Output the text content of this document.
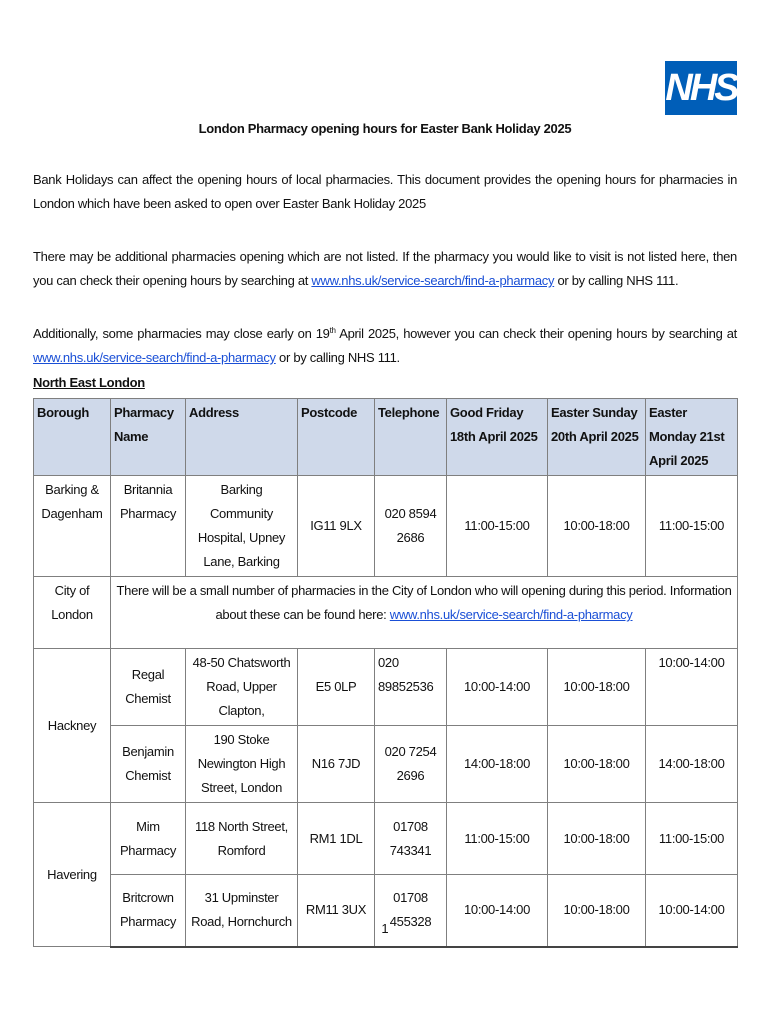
NHS
London Pharmacy opening hours for Easter Bank Holiday 2025
Bank Holidays can affect the opening hours of local pharmacies. This document provides the opening hours for pharmacies in London which have been asked to open over Easter Bank Holiday 2025
There may be additional pharmacies opening which are not listed. If the pharmacy you would like to visit is not listed here, then you can check their opening hours by searching at www.nhs.uk/service-search/find-a-pharmacy or by calling NHS 111.
Additionally, some pharmacies may close early on 19th April 2025, however you can check their opening hours by searching at www.nhs.uk/service-search/find-a-pharmacy or by calling NHS 111.
North East London
Borough	Pharmacy Name	Address	Postcode	Telephone	Good Friday 18th April 2025	Easter Sunday 20th April 2025	Easter Monday 21st April 2025
Barking & Dagenham	Britannia Pharmacy	Barking Community Hospital, Upney Lane, Barking	IG11 9LX	020 8594 2686	11:00-15:00	10:00-18:00	11:00-15:00
City of London	There will be a small number of pharmacies in the City of London who will opening during this period. Information about these can be found here: www.nhs.uk/service-search/find-a-pharmacy						
Hackney	Regal Chemist	48-50 Chatsworth Road, Upper Clapton,	E5 0LP	020 89852536	10:00-14:00	10:00-18:00	10:00-14:00
	Benjamin Chemist	190 Stoke Newington High Street, London	N16 7JD	020 7254 2696	14:00-18:00	10:00-18:00	14:00-18:00
Havering	Mim Pharmacy	118 North Street, Romford	RM1 1DL	01708 743341	11:00-15:00	10:00-18:00	11:00-15:00
	Britcrown Pharmacy	31 Upminster Road, Hornchurch	RM11 3UX	01708 455328	10:00-14:00	10:00-18:00	10:00-14:00
1
